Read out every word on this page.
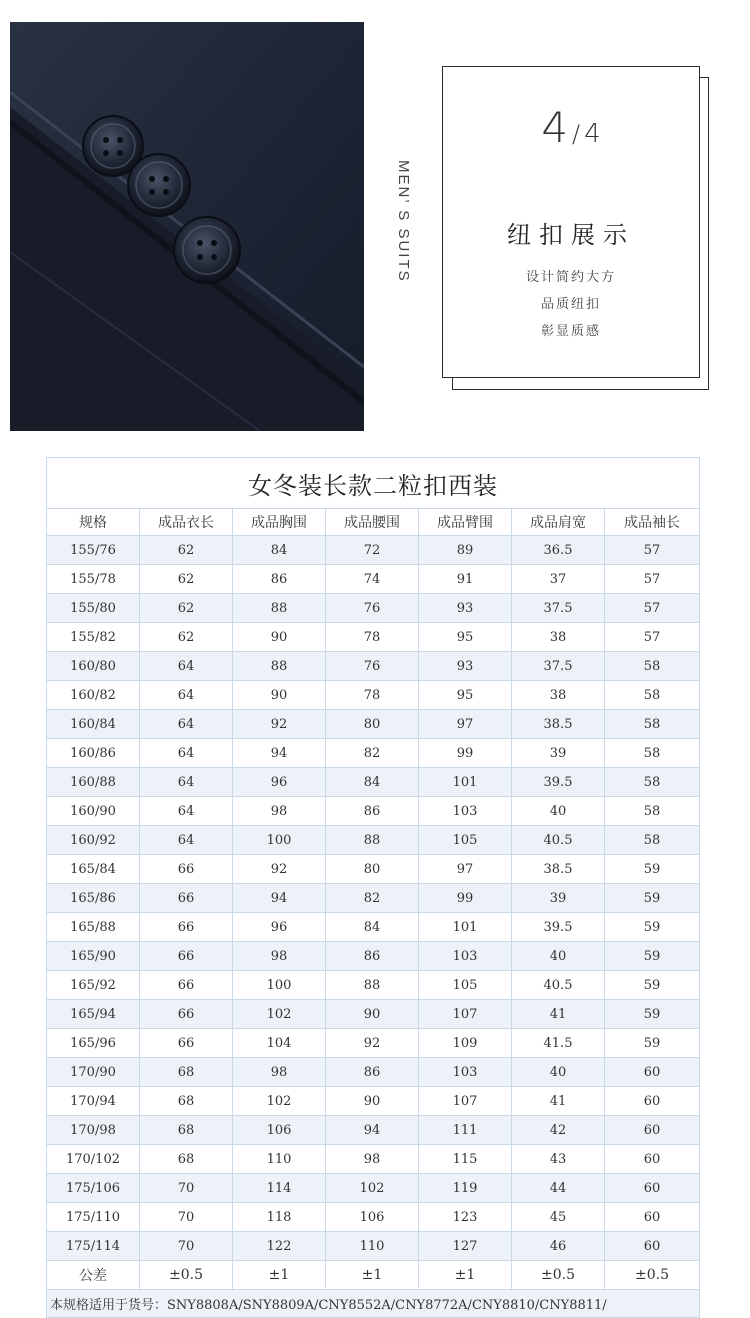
MEN’ S SUITS
4 / 4
纽扣展示
设计简约大方
品质纽扣
彰显质感
女冬装长款二粒扣西装						
规格	成品衣长	成品胸围	成品腰围	成品臂围	成品肩宽	成品袖长
155/76	62	84	72	89	36.5	57
155/78	62	86	74	91	37	57
155/80	62	88	76	93	37.5	57
155/82	62	90	78	95	38	57
160/80	64	88	76	93	37.5	58
160/82	64	90	78	95	38	58
160/84	64	92	80	97	38.5	58
160/86	64	94	82	99	39	58
160/88	64	96	84	101	39.5	58
160/90	64	98	86	103	40	58
160/92	64	100	88	105	40.5	58
165/84	66	92	80	97	38.5	59
165/86	66	94	82	99	39	59
165/88	66	96	84	101	39.5	59
165/90	66	98	86	103	40	59
165/92	66	100	88	105	40.5	59
165/94	66	102	90	107	41	59
165/96	66	104	92	109	41.5	59
170/90	68	98	86	103	40	60
170/94	68	102	90	107	41	60
170/98	68	106	94	111	42	60
170/102	68	110	98	115	43	60
175/106	70	114	102	119	44	60
175/110	70	118	106	123	45	60
175/114	70	122	110	127	46	60
公差	±0.5	±1	±1	±1	±0.5	±0.5
本规格适用于货号：SNY8808A/SNY8809A/CNY8552A/CNY8772A/CNY8810/CNY8811/						
